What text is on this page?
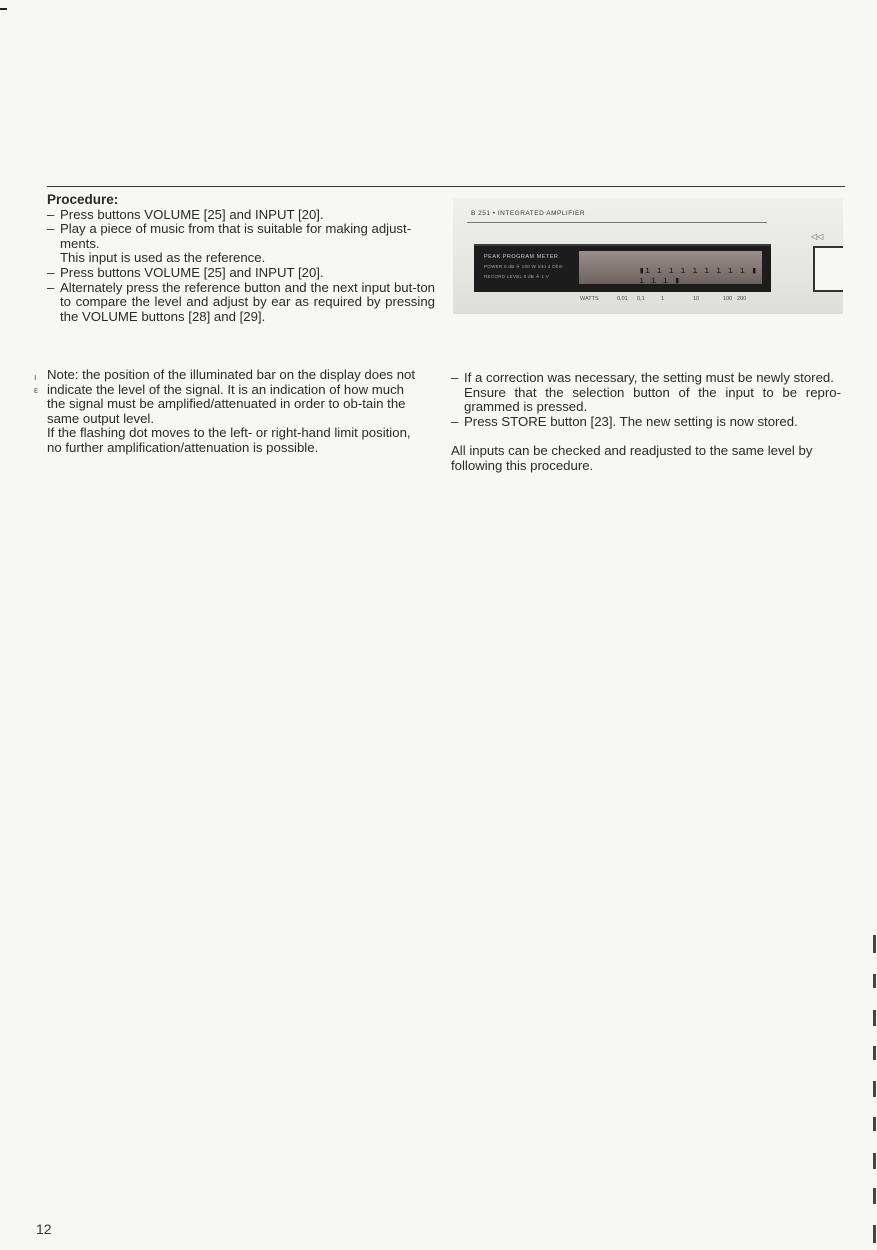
Procedure:
– Press buttons VOLUME [25] and INPUT [20].
– Play a piece of music from that is suitable for making adjust-ments.
This input is used as the reference.
– Press buttons VOLUME [25] and INPUT [20].
– Alternately press the reference button and the next input but-ton to compare the level and adjust by ear as required by pressing the VOLUME buttons [28] and [29].
B 251 • INTEGRATED AMPLIFIER
◁◁
PEAK PROGRAM METER
POWER 0 dB ≙ 100 W into 4 Ohm
RECORD LEVEL 0 dB ≙ 1 V
▮ı ı ı ı ı ı ı ı ı ▮ ı ı ı ▮
WATTS	0,01 0,1	1	10	100 200
ı
ε
Note: the position of the illuminated bar on the display does not indicate the level of the signal. It is an indication of how much the signal must be amplified/attenuated in order to ob-tain the same output level.
If the flashing dot moves to the left- or right-hand limit position, no further amplification/attenuation is possible.
– If a correction was necessary, the setting must be newly stored.
Ensure that the selection button of the input to be repro-grammed is pressed.
– Press STORE button [23]. The new setting is now stored.
All inputs can be checked and readjusted to the same level by following this procedure.
12
